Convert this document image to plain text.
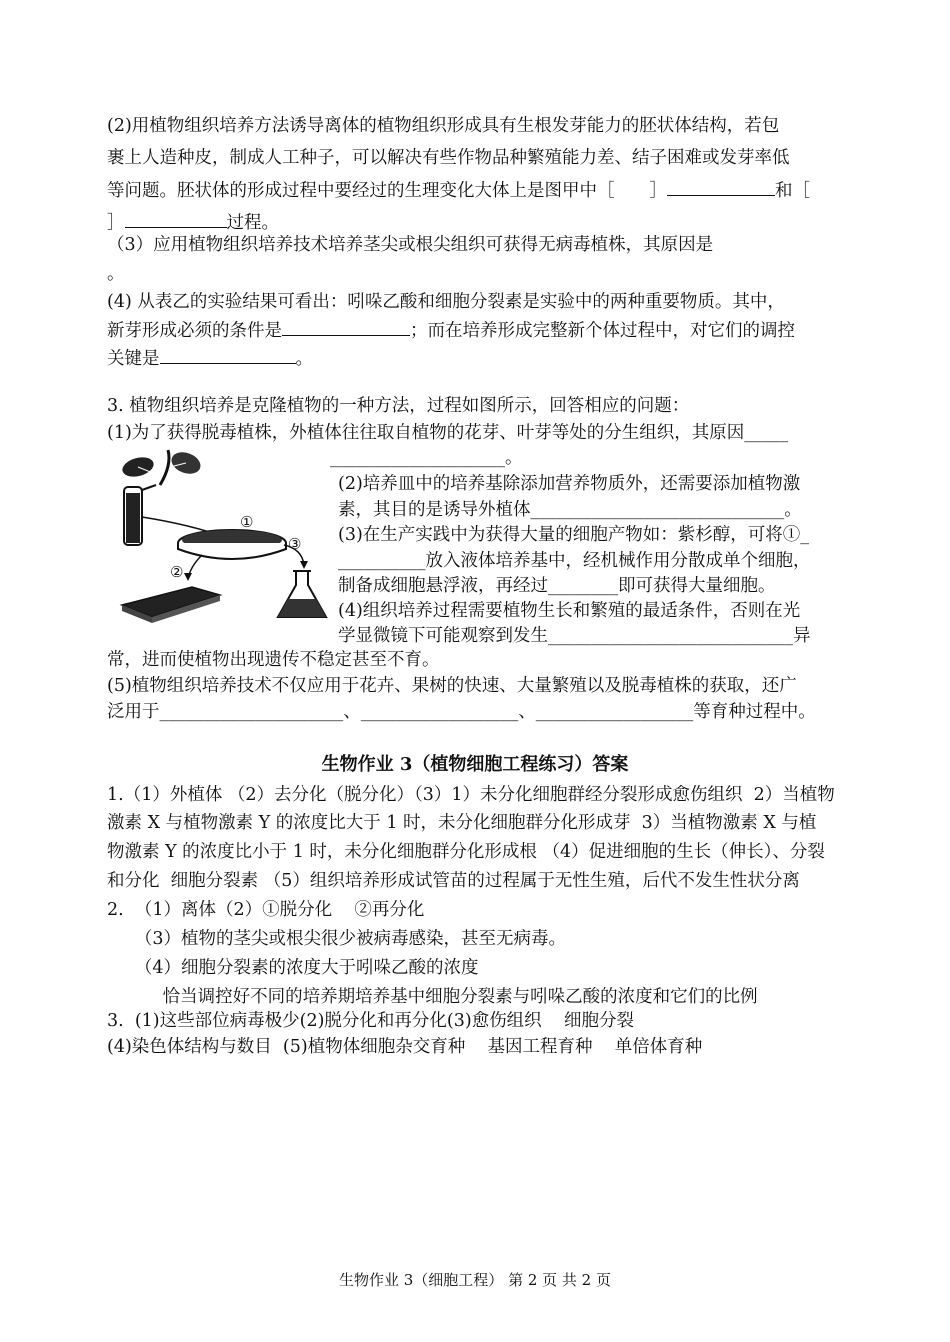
(2)用植物组织培养方法诱导离体的植物组织形成具有生根发芽能力的胚状体结构，若包
裹上人造种皮，制成人工种子，可以解决有些作物品种繁殖能力差、结子困难或发芽率低
等问题。胚状体的形成过程中要经过的生理变化大体上是图甲中［　　］	和［
］	过程。
（3）应用植物组织培养技术培养茎尖或根尖组织可获得无病毒植株，其原因是
。
(4) 从表乙的实验结果可看出：吲哚乙酸和细胞分裂素是实验中的两种重要物质。其中，
新芽形成必须的条件是	；而在培养形成完整新个体过程中，对它们的调控
关键是	。
3. 植物组织培养是克隆植物的一种方法，过程如图所示，回答相应的问题：
(1)为了获得脱毒植株，外植体往往取自植物的花芽、叶芽等处的分生组织，其原因_____
____________________。
(2)培养皿中的培养基除添加营养物质外，还需要添加植物激
素，其目的是诱导外植体_____________________________。
(3)在生产实践中为获得大量的细胞产物如：紫杉醇，可将①_
__________放入液体培养基中，经机械作用分散成单个细胞，
制备成细胞悬浮液，再经过________即可获得大量细胞。
(4)组织培养过程需要植物生长和繁殖的最适条件，否则在光
学显微镜下可能观察到发生____________________________异
常，进而使植物出现遗传不稳定甚至不育。
(5)植物组织培养技术不仅应用于花卉、果树的快速、大量繁殖以及脱毒植株的获取，还广
泛用于_____________________、__________________、__________________等育种过程中。
①
②
③
生物作业 3（植物细胞工程练习）答案
1.（1）外植体 （2）去分化（脱分化）（3）1）未分化细胞群经分裂形成愈伤组织  2）当植物
激素 X 与植物激素 Y 的浓度比大于 1 时，未分化细胞群分化形成芽  3）当植物激素 X 与植
物激素 Y 的浓度比小于 1 时，未分化细胞群分化形成根 （4）促进细胞的生长（伸长）、分裂
和分化  细胞分裂素 （5）组织培养形成试管苗的过程属于无性生殖，后代不发生性状分离
2.  （1）离体（2）①脱分化    ②再分化
（3）植物的茎尖或根尖很少被病毒感染，甚至无病毒。
（4）细胞分裂素的浓度大于吲哚乙酸的浓度
恰当调控好不同的培养期培养基中细胞分裂素与吲哚乙酸的浓度和它们的比例
3.  (1)这些部位病毒极少(2)脱分化和再分化(3)愈伤组织    细胞分裂
(4)染色体结构与数目  (5)植物体细胞杂交育种    基因工程育种    单倍体育种
生物作业 3（细胞工程） 第 2 页 共 2 页
